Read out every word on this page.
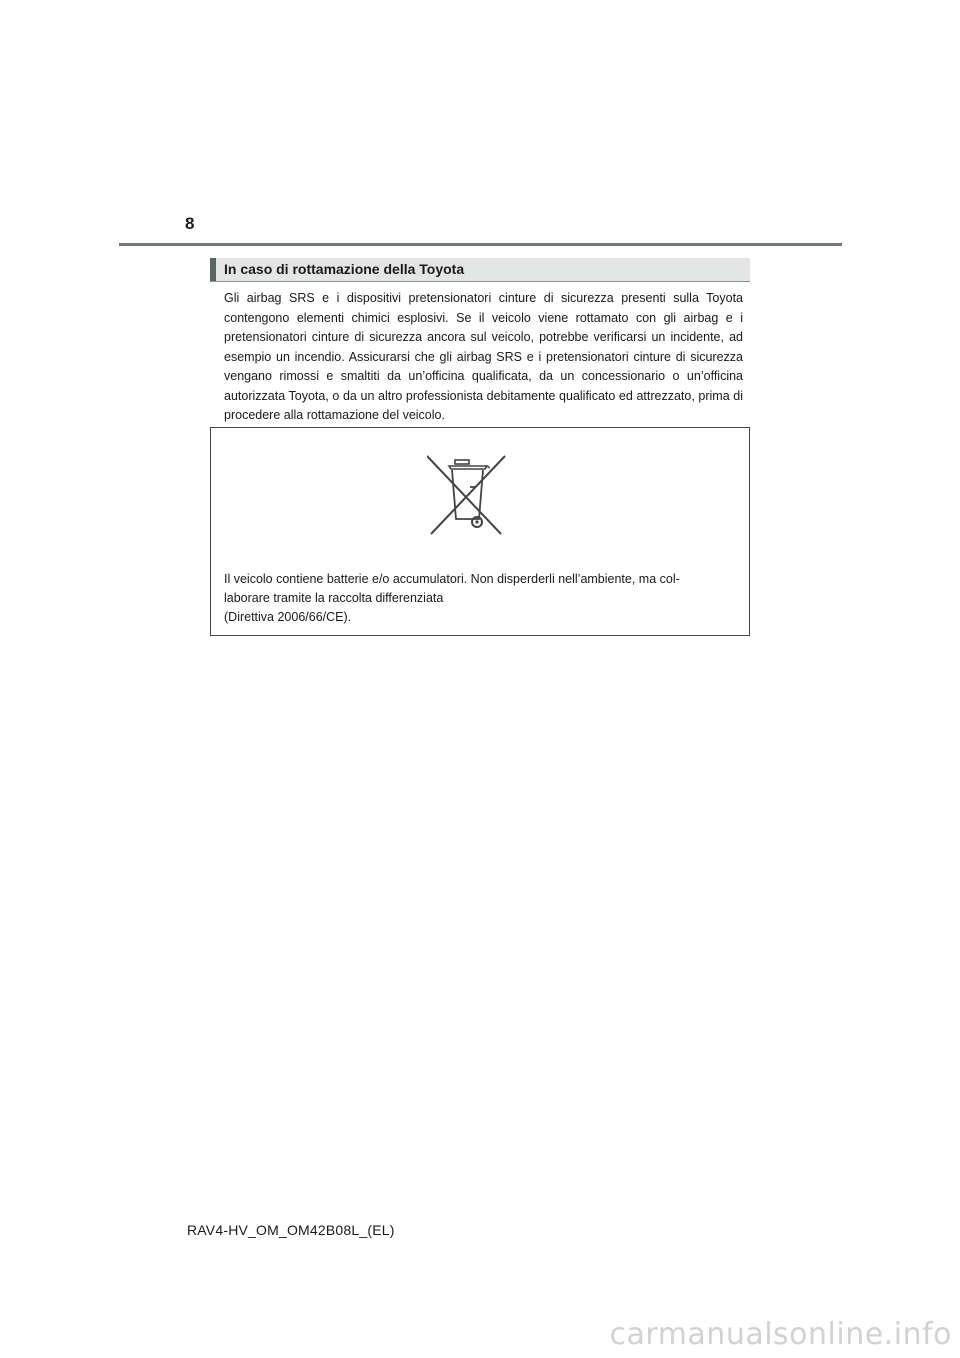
8
In caso di rottamazione della Toyota

Gli airbag SRS e i dispositivi pretensionatori cinture di sicurezza presenti sulla Toyota contengono elementi chimici esplosivi. Se il veicolo viene rottamato con gli airbag e i pretensionatori cinture di sicurezza ancora sul veicolo, potrebbe verificarsi un incidente, ad esempio un incendio. Assicurarsi che gli airbag SRS e i pretensionatori cinture di sicurezza vengano rimossi e smaltiti da un’officina qualificata, da un concessionario o un’officina autorizzata Toyota, o da un altro professionista debitamente qualificato ed attrezzato, prima di procedere alla rottamazione del veicolo.

Il veicolo contiene batterie e/o accumulatori. Non disperderli nell’ambiente, ma col-
laborare tramite la raccolta differenziata
(Direttiva 2006/66/CE).

RAV4-HV_OM_OM42B08L_(EL)
carmanualsonline.info
